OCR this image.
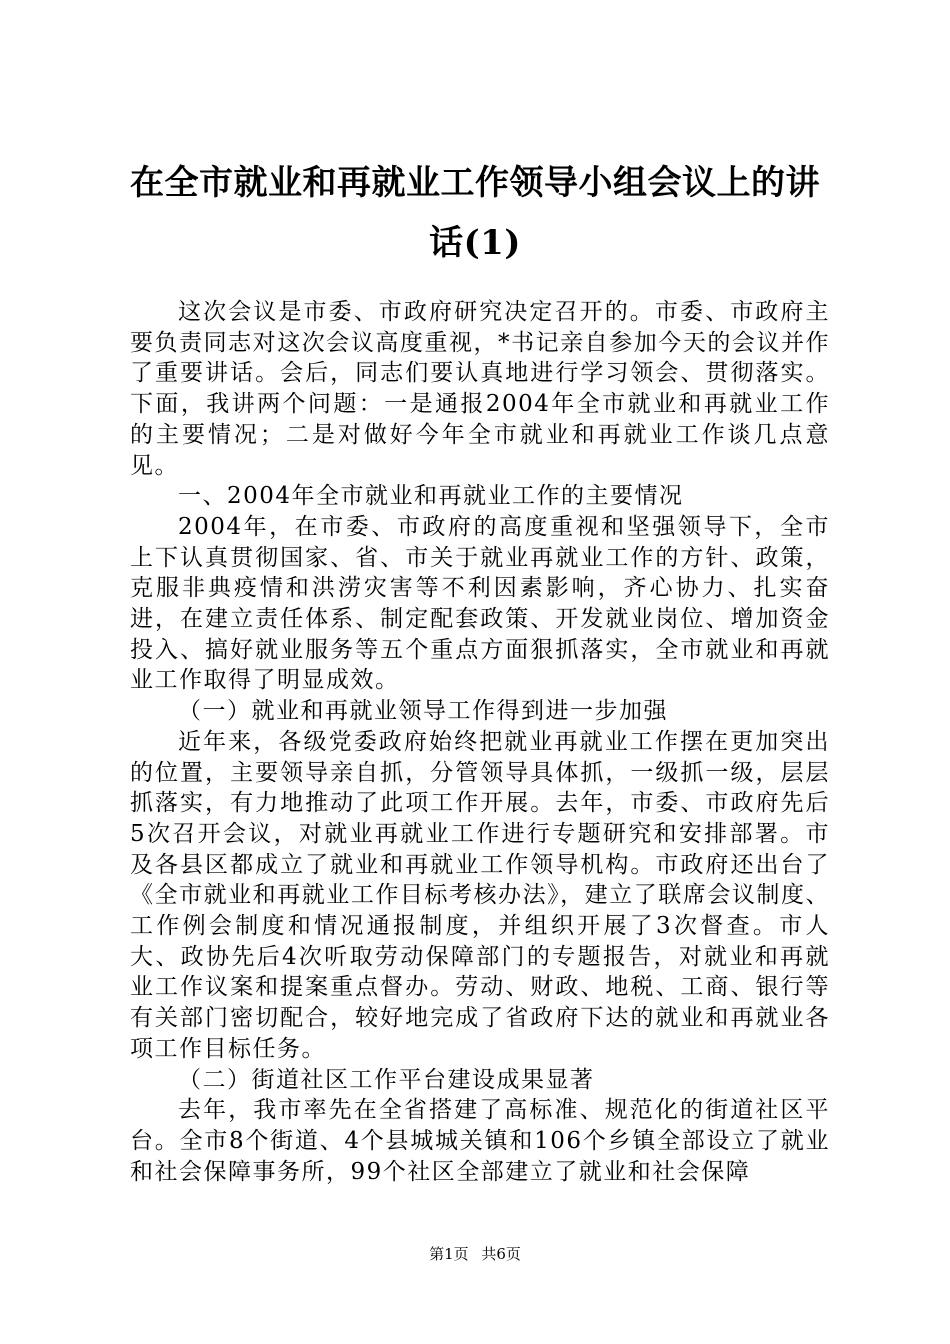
在全市就业和再就业工作领导小组会议上的讲
话(1)

这次会议是市委、市政府研究决定召开的。市委、市政府主要负责同志对这次会议高度重视，*书记亲自参加今天的会议并作了重要讲话。会后，同志们要认真地进行学习领会、贯彻落实。下面，我讲两个问题：一是通报2004年全市就业和再就业工作的主要情况；二是对做好今年全市就业和再就业工作谈几点意见。

一、2004年全市就业和再就业工作的主要情况

2004年，在市委、市政府的高度重视和坚强领导下，全市上下认真贯彻国家、省、市关于就业再就业工作的方针、政策，克服非典疫情和洪涝灾害等不利因素影响，齐心协力、扎实奋进，在建立责任体系、制定配套政策、开发就业岗位、增加资金投入、搞好就业服务等五个重点方面狠抓落实，全市就业和再就业工作取得了明显成效。

（一）就业和再就业领导工作得到进一步加强

近年来，各级党委政府始终把就业再就业工作摆在更加突出的位置，主要领导亲自抓，分管领导具体抓，一级抓一级，层层抓落实，有力地推动了此项工作开展。去年，市委、市政府先后5次召开会议，对就业再就业工作进行专题研究和安排部署。市及各县区都成立了就业和再就业工作领导机构。市政府还出台了《全市就业和再就业工作目标考核办法》，建立了联席会议制度、工作例会制度和情况通报制度，并组织开展了3次督查。市人大、政协先后4次听取劳动保障部门的专题报告，对就业和再就业工作议案和提案重点督办。劳动、财政、地税、工商、银行等有关部门密切配合，较好地完成了省政府下达的就业和再就业各项工作目标任务。

（二）街道社区工作平台建设成果显著

去年，我市率先在全省搭建了高标准、规范化的街道社区平台。全市8个街道、4个县城城关镇和106个乡镇全部设立了就业和社会保障事务所，99个社区全部建立了就业和社会保障

第1页 共6页
